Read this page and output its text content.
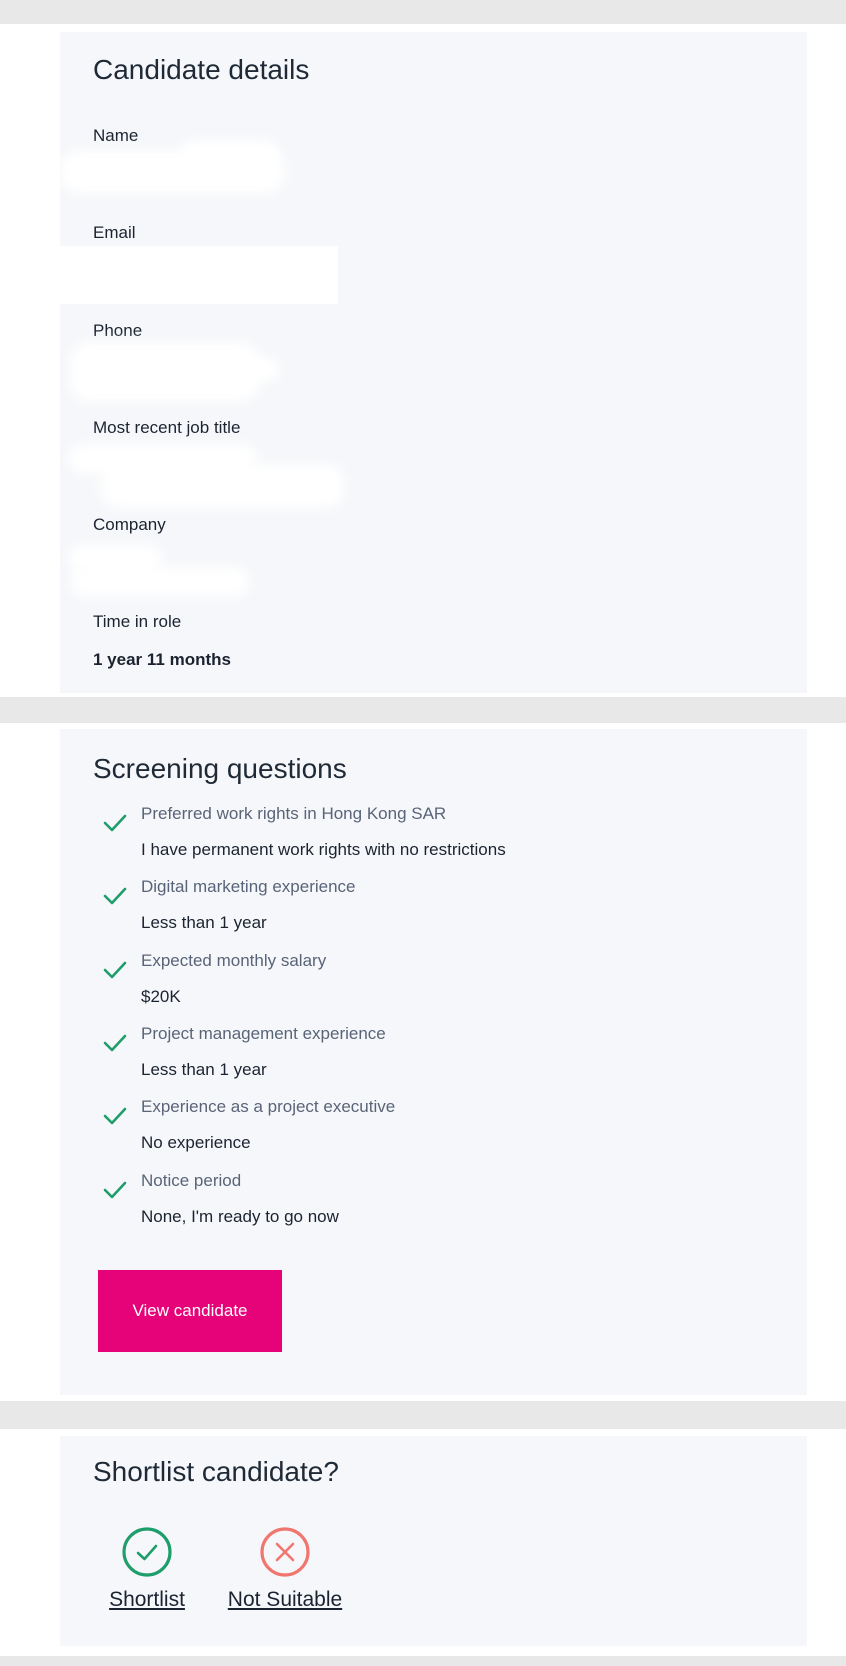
Candidate details
Name
Email
Phone
Most recent job title
Company
Time in role
1 year 11 months
Screening questions
Preferred work rights in Hong Kong SAR
I have permanent work rights with no restrictions
Digital marketing experience
Less than 1 year
Expected monthly salary
$20K
Project management experience
Less than 1 year
Experience as a project executive
No experience
Notice period
None, I'm ready to go now
View candidate
Shortlist candidate?
Shortlist Not Suitable
